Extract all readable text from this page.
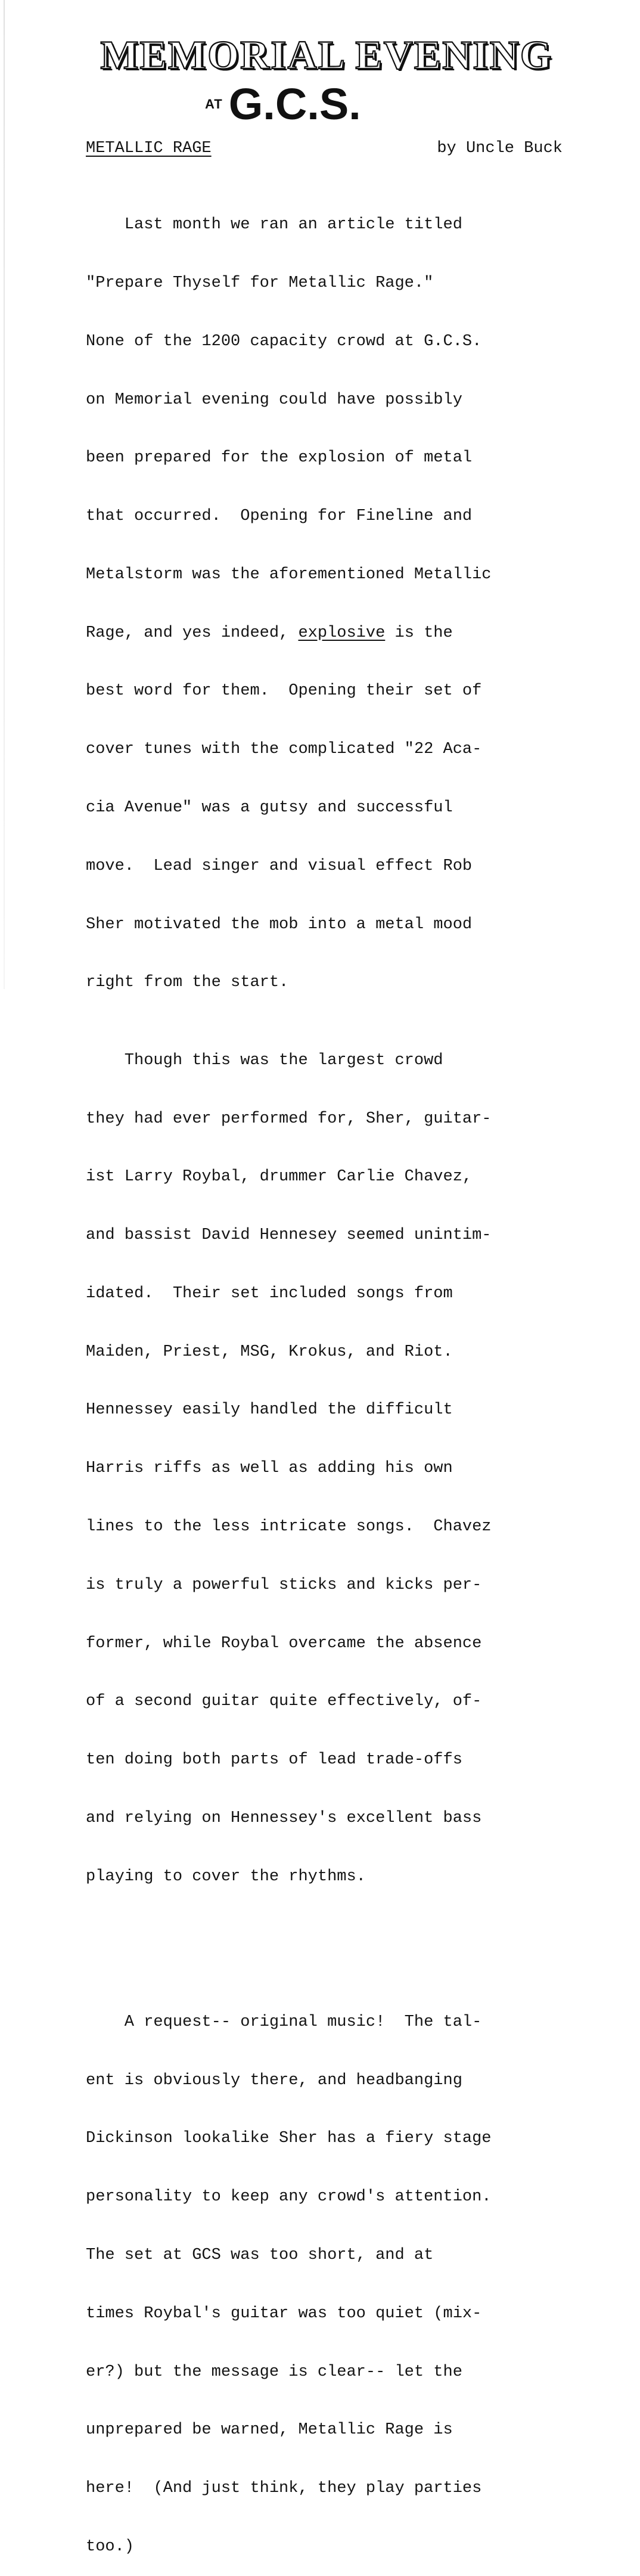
MEMORIAL EVENING
AT G.C.S.
METALLIC RAGE	by Uncle Buck

Last month we ran an article titled

"Prepare Thyself for Metallic Rage."

None of the 1200 capacity crowd at G.C.S.

on Memorial evening could have possibly

been prepared for the explosion of metal

that occurred.  Opening for Fineline and

Metalstorm was the aforementioned Metallic

Rage, and yes indeed, explosive is the

best word for them.  Opening their set of

cover tunes with the complicated "22 Aca-

cia Avenue" was a gutsy and successful

move.  Lead singer and visual effect Rob

Sher motivated the mob into a metal mood

right from the start.

Though this was the largest crowd

they had ever performed for, Sher, guitar-

ist Larry Roybal, drummer Carlie Chavez,

and bassist David Hennesey seemed unintim-

idated.  Their set included songs from

Maiden, Priest, MSG, Krokus, and Riot.

Hennessey easily handled the difficult

Harris riffs as well as adding his own

lines to the less intricate songs.  Chavez

is truly a powerful sticks and kicks per-

former, while Roybal overcame the absence

of a second guitar quite effectively, of-

ten doing both parts of lead trade-offs

and relying on Hennessey's excellent bass

playing to cover the rhythms.

A request-- original music!  The tal-

ent is obviously there, and headbanging

Dickinson lookalike Sher has a fiery stage

personality to keep any crowd's attention.

The set at GCS was too short, and at

times Roybal's guitar was too quiet (mix-

er?) but the message is clear-- let the

unprepared be warned, Metallic Rage is

here!  (And just think, they play parties

too.)
